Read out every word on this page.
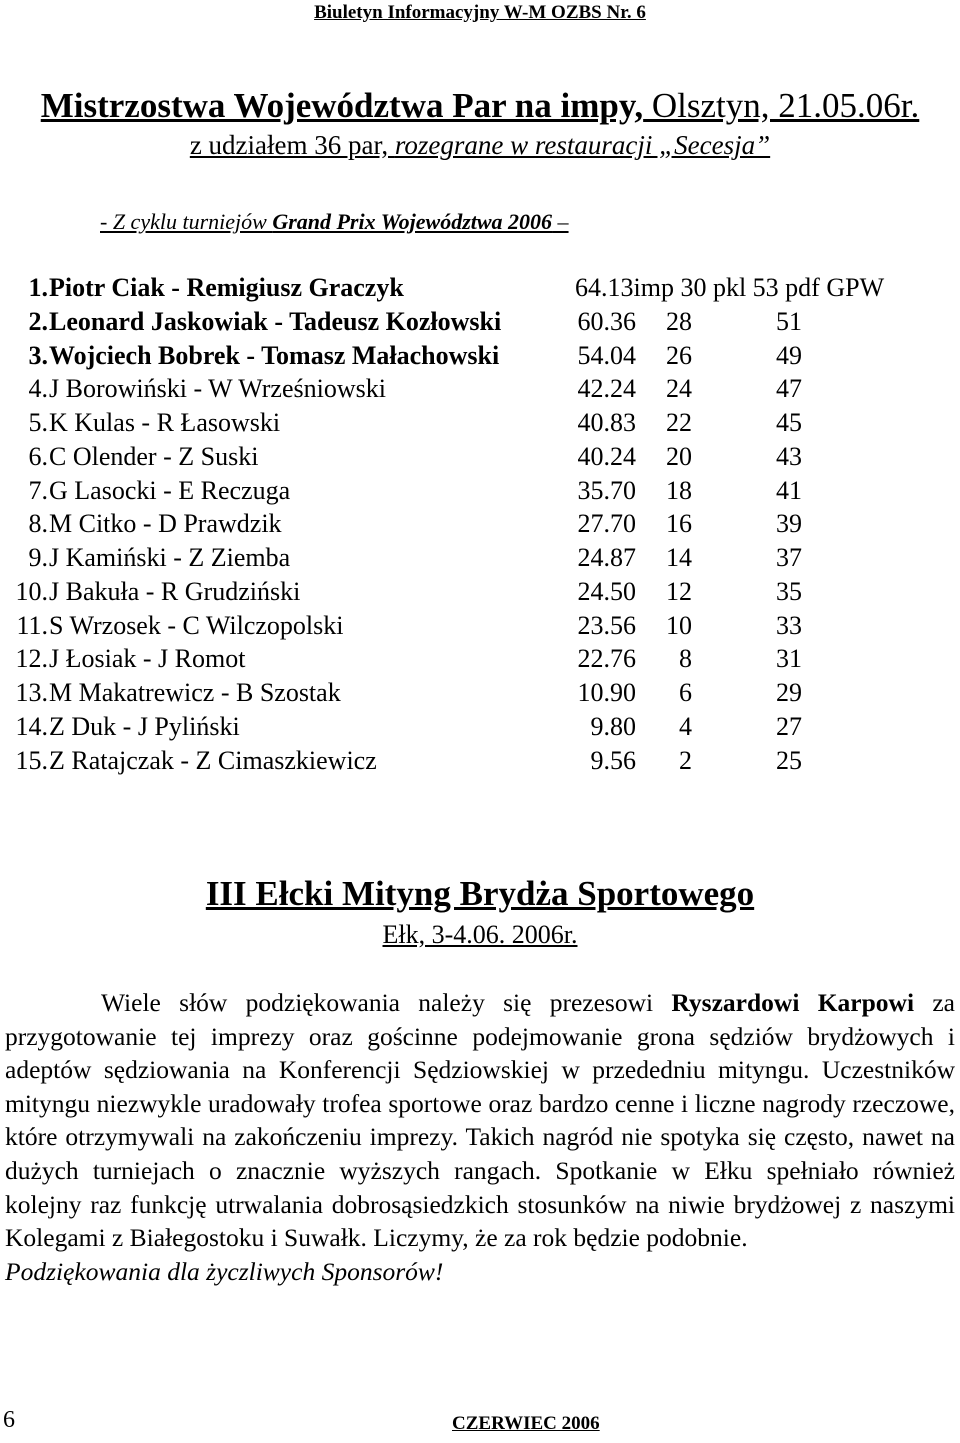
Biuletyn Informacyjny W-M OZBS Nr. 6
Mistrzostwa Województwa Par na impy, Olsztyn, 21.05.06r.
z udziałem 36 par, rozegrane w restauracji „Secesja”
- Z cyklu turniejów Grand Prix Województwa 2006 –
1. Piotr Ciak - Remigiusz Graczyk	64.13imp 30 pkl 53 pdf GPW
2. Leonard Jaskowiak - Tadeusz Kozłowski	60.36 28	51
3. Wojciech Bobrek - Tomasz Małachowski	54.04 26	49
4. J Borowiński - W Wrześniowski	42.24 24	47
5. K Kulas - R Łasowski	40.83 22	45
6. C Olender - Z Suski	40.24 20	43
7. G Lasocki - E Reczuga	35.70 18	41
8. M Citko - D Prawdzik	27.70 16	39
9. J Kamiński - Z Ziemba	24.87 14	37
10. J Bakuła - R Grudziński	24.50 12	35
11. S Wrzosek - C Wilczopolski	23.56 10	33
12. J Łosiak - J Romot	22.76 8	31
13. M Makatrewicz - B Szostak	10.90 6	29
14. Z Duk - J Pyliński	9.80 4	27
15. Z Ratajczak - Z Cimaszkiewicz	9.56 2	25
III Ełcki Mityng Brydża Sportowego
Ełk, 3-4.06. 2006r.

Wiele słów podziękowania należy się prezesowi Ryszardowi Karpowi za przygotowanie tej imprezy oraz gościnne podejmowanie grona sędziów brydżowych i adeptów sędziowania na Konferencji Sędziowskiej w przededniu mityngu. Uczestników mityngu niezwykle uradowały trofea sportowe oraz bardzo cenne i liczne nagrody rzeczowe, które otrzymywali na zakończeniu imprezy. Takich nagród nie spotyka się często, nawet na dużych turniejach o znacznie wyższych rangach. Spotkanie w Ełku spełniało również kolejny raz funkcję utrwalania dobrosąsiedzkich stosunków na niwie brydżowej z naszymi Kolegami z Białegostoku i Suwałk. Liczymy, że za rok będzie podobnie.
Podziękowania dla życzliwych Sponsorów!

6	CZERWIEC 2006
